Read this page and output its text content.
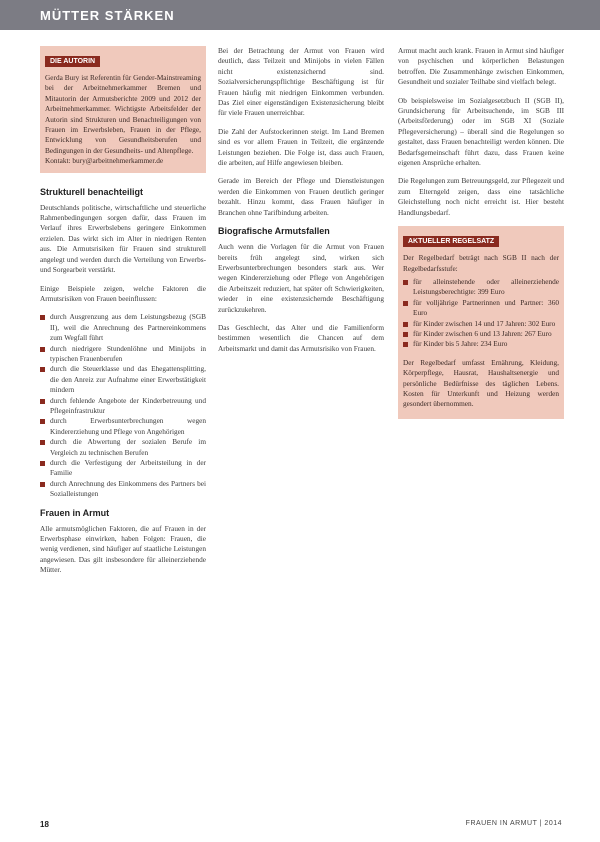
MÜTTER STÄRKEN
DIE AUTORIN
Gerda Bury ist Referentin für Gender-Mainstreaming bei der Arbeitnehmerkammer Bremen und Mitautorin der Armutsberichte 2009 und 2012 der Arbeitnehmerkammer. Wichtigste Arbeitsfelder der Autorin sind Strukturen und Benachteiligungen von Frauen im Erwerbsleben, Frauen in der Pflege, Entwicklung von Gesundheitsberufen und Bedingungen in der Gesundheits- und Altenpflege.
Kontakt: bury@arbeitnehmerkammer.de
Strukturell benachteiligt
Deutschlands politische, wirtschaftliche und steuerliche Rahmenbedingungen sorgen dafür, dass Frauen im Verlauf ihres Erwerbslebens geringere Einkommen erzielen. Das wirkt sich im Alter in niedrigen Renten aus. Die Armutsrisiken für Frauen sind strukturell angelegt und werden durch die Verteilung von Erwerbs- und Sorgearbeit verstärkt.
Einige Beispiele zeigen, welche Faktoren die Armutsrisiken von Frauen beeinflussen:
durch Ausgrenzung aus dem Leistungsbezug (SGB II), weil die Anrechnung des Partnereinkommens zum Wegfall führt
durch niedrigere Stundenlöhne und Minijobs in typischen Frauenberufen
durch die Steuerklasse und das Ehegattensplitting, die den Anreiz zur Aufnahme einer Erwerbstätigkeit mindern
durch fehlende Angebote der Kinderbetreuung und Pflegeinfrastruktur
durch Erwerbsunterbrechungen wegen Kindererziehung und Pflege von Angehörigen
durch die Abwertung der sozialen Berufe im Vergleich zu technischen Berufen
durch die Verfestigung der Arbeitsteilung in der Familie
durch Anrechnung des Einkommens des Partners bei Sozialleistungen
Frauen in Armut
Alle armutsmöglichen Faktoren, die auf Frauen in der Erwerbsphase einwirken, haben Folgen: Frauen, die wenig verdienen, sind häufiger auf staatliche Leistungen angewiesen. Das gilt insbesondere für alleinerziehende Mütter.
Bei der Betrachtung der Armut von Frauen wird deutlich, dass Teilzeit und Minijobs in vielen Fällen nicht existenzsichernd sind. Sozialversicherungspflichtige Beschäftigung ist für Frauen häufig mit niedrigen Einkommen verbunden. Das Ziel einer eigenständigen Existenzsicherung bleibt für viele Frauen unerreichbar.
Die Zahl der Aufstockerinnen steigt. Im Land Bremen sind es vor allem Frauen in Teilzeit, die ergänzende Leistungen beziehen. Die Folge ist, dass auch Frauen, die arbeiten, auf Hilfe angewiesen bleiben.
Gerade im Bereich der Pflege und Dienstleistungen werden die Einkommen von Frauen deutlich geringer bezahlt. Hinzu kommt, dass Frauen häufiger in Branchen ohne Tarifbindung arbeiten.
Biografische Armutsfallen
Auch wenn die Vorlagen für die Armut von Frauen bereits früh angelegt sind, wirken sich Erwerbsunterbrechungen besonders stark aus. Wer wegen Kindererziehung oder Pflege von Angehörigen die Arbeitszeit reduziert, hat später oft Schwierigkeiten, wieder in eine existenzsichernde Beschäftigung zurückzukehren.
Das Geschlecht, das Alter und die Familienform bestimmen wesentlich die Chancen auf dem Arbeitsmarkt und damit das Armutsrisiko von Frauen.
Armut macht auch krank. Frauen in Armut sind häufiger von psychischen und körperlichen Belastungen betroffen. Die Zusammenhänge zwischen Einkommen, Gesundheit und sozialer Teilhabe sind vielfach belegt.
Ob beispielsweise im Sozialgesetzbuch II (SGB II), Grundsicherung für Arbeitsuchende, im SGB III (Arbeitsförderung) oder im SGB XI (Soziale Pflegeversicherung) – überall sind die Regelungen so gestaltet, dass Frauen benachteiligt werden können. Die Bedarfsgemeinschaft führt dazu, dass Frauen keine eigenen Ansprüche erhalten.
Die Regelungen zum Betreuungsgeld, zur Pflegezeit und zum Elterngeld zeigen, dass eine tatsächliche Gleichstellung noch nicht erreicht ist. Hier besteht Handlungsbedarf.
AKTUELLER REGELSATZ
Der Regelbedarf beträgt nach SGB II nach der Regelbedarfsstufe:
für alleinstehende oder alleinerziehende Leistungsberechtigte: 399 Euro
für volljährige Partnerinnen und Partner: 360 Euro
für Kinder zwischen 14 und 17 Jahren: 302 Euro
für Kinder zwischen 6 und 13 Jahren: 267 Euro
für Kinder bis 5 Jahre: 234 Euro
Der Regelbedarf umfasst Ernährung, Kleidung, Körperpflege, Hausrat, Haushaltsenergie und persönliche Bedürfnisse des täglichen Lebens. Kosten für Unterkunft und Heizung werden gesondert übernommen.
18	FRAUEN IN ARMUT | 2014
